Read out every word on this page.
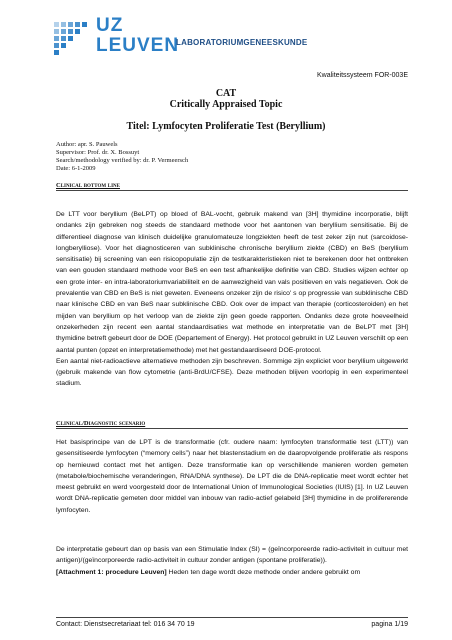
UZ
LEUVEN
LABORATORIUMGENEESKUNDE
Kwaliteitssysteem FOR-003E
CAT
Critically Appraised Topic
Titel: Lymfocyten Proliferatie Test (Beryllium)
Author: apr. S. Pauwels
Supervisor: Prof. dr. X. Bossuyt
Search/methodology verified by: dr. P. Vermeersch
Date: 6-1-2009
Clinical bottom line

De LTT voor beryllium (BeLPT) op bloed of BAL-vocht, gebruik makend van [3H] thymidine incorporatie, blijft ondanks zijn gebreken nog steeds de standaard methode voor het aantonen van beryllium sensitisatie. Bij de differentieel diagnose van klinisch duidelijke granulomateuze longziekten heeft de test zeker zijn nut (sarcoidose-longberylliose). Voor het diagnosticeren van subklinische chronische beryllium ziekte (CBD) en BeS (beryllium sensitisatie) bij screening van een risicopopulatie zijn de testkarakteristieken niet te berekenen door het ontbreken van een gouden standaard methode voor BeS en een test afhankelijke definitie van CBD. Studies wijzen echter op een grote inter- en intra-laboratoriumvariabiliteit en de aanwezigheid van vals positieven en vals negatieven. Ook de prevalentie van CBD en BeS is niet geweten. Eveneens onzeker zijn de risico' s op progressie van subklinische CBD naar klinische CBD en van BeS naar subklinische CBD. Ook over de impact van therapie (corticosteroiden) en het mijden van beryllium op het verloop van de ziekte zijn geen goede rapporten. Ondanks deze grote hoeveelheid onzekerheden zijn recent een aantal standaardisaties wat methode en interpretatie van de BeLPT met [3H] thymidine betreft gebeurt door de DOE (Departement of Energy). Het protocol gebruikt in UZ Leuven verschilt op een aantal punten (opzet en interpretatiemethode) met het gestandaardiseerd DOE-protocol.

Een aantal niet-radioactieve alternatieve methoden zijn beschreven. Sommige zijn expliciet voor beryllium uitgewerkt (gebruik makende van flow cytometrie (anti-BrdU/CFSE). Deze methoden blijven voorlopig in een experimenteel stadium.

Clinical/Diagnostic scenario

Het basisprincipe van de LPT is de transformatie (cfr. oudere naam: lymfocyten transformatie test (LTT)) van gesensitiseerde lymfocyten (“memory cells”) naar het blastenstadium en de daaropvolgende proliferatie als respons op hernieuwd contact met het antigen. Deze transformatie kan op verschillende manieren worden gemeten (metabole/biochemische veranderingen, RNA/DNA synthese). De LPT die de DNA-replicatie meet wordt echter het meest gebruikt en werd voorgesteld door de International Union of Immunological Societies (IUIS) [1]. In UZ Leuven wordt DNA-replicatie gemeten door middel van inbouw van radio-actief gelabeld [3H] thymidine in de prolifererende lymfocyten.

De interpretatie gebeurt dan op basis van een Stimulatie Index (SI) = (geïncorporeerde radio-activiteit in cultuur met antigen)/(geïncorporeerde radio-activiteit in cultuur zonder antigen (spontane proliferatie)).

[Attachment 1: procedure Leuven] Heden ten dage wordt deze methode onder andere gebruikt om

Contact: Dienstsecretariaat tel: 016 34 70 19	pagina 1/19
